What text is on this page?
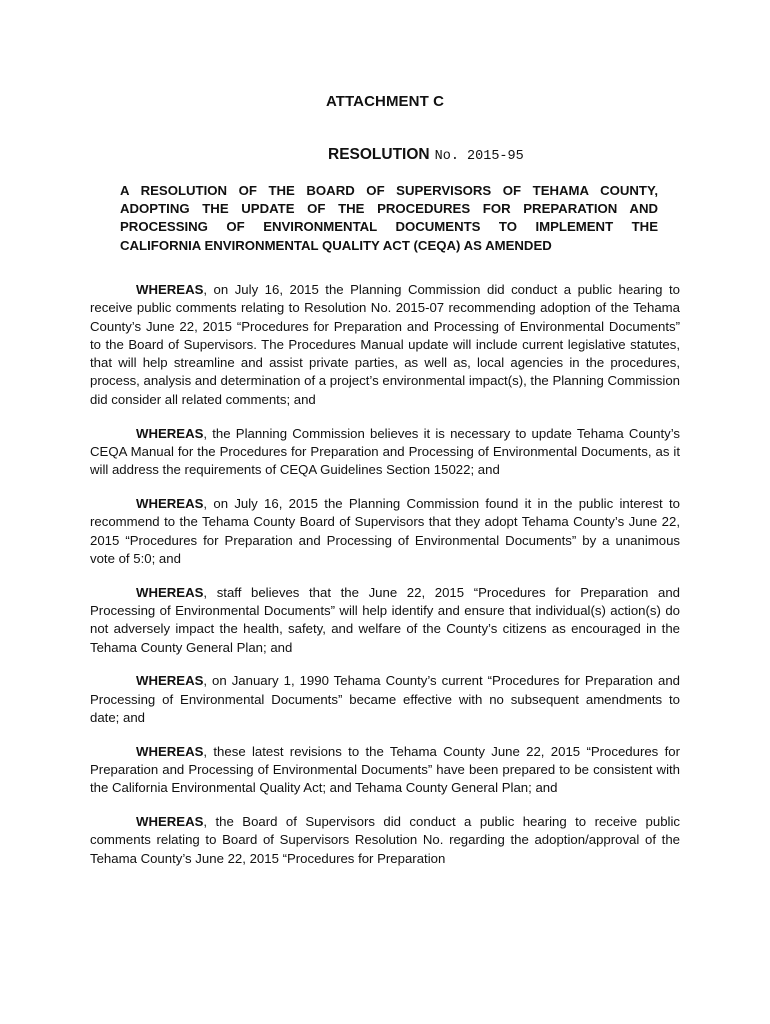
ATTACHMENT C
RESOLUTION No. 2015-95
A RESOLUTION OF THE BOARD OF SUPERVISORS OF TEHAMA COUNTY,
ADOPTING THE UPDATE OF THE PROCEDURES FOR PREPARATION AND
PROCESSING OF ENVIRONMENTAL DOCUMENTS TO IMPLEMENT THE
CALIFORNIA ENVIRONMENTAL QUALITY ACT (CEQA) AS AMENDED

WHEREAS, on July 16, 2015 the Planning Commission did conduct a public hearing to receive public comments relating to Resolution No. 2015-07 recommending adoption of the Tehama County’s June 22, 2015 “Procedures for Preparation and Processing of Environmental Documents” to the Board of Supervisors. The Procedures Manual update will include current legislative statutes, that will help streamline and assist private parties, as well as, local agencies in the procedures, process, analysis and determination of a project’s environmental impact(s), the Planning Commission did consider all related comments; and

WHEREAS, the Planning Commission believes it is necessary to update Tehama County’s CEQA Manual for the Procedures for Preparation and Processing of Environmental Documents, as it will address the requirements of CEQA Guidelines Section 15022; and

WHEREAS, on July 16, 2015 the Planning Commission found it in the public interest to recommend to the Tehama County Board of Supervisors that they adopt Tehama County’s June 22, 2015 “Procedures for Preparation and Processing of Environmental Documents” by a unanimous vote of 5:0; and

WHEREAS, staff believes that the June 22, 2015 “Procedures for Preparation and Processing of Environmental Documents” will help identify and ensure that individual(s) action(s) do not adversely impact the health, safety, and welfare of the County’s citizens as encouraged in the Tehama County General Plan; and

WHEREAS, on January 1, 1990 Tehama County’s current “Procedures for Preparation and Processing of Environmental Documents” became effective with no subsequent amendments to date; and

WHEREAS, these latest revisions to the Tehama County June 22, 2015 “Procedures for Preparation and Processing of Environmental Documents” have been prepared to be consistent with the California Environmental Quality Act; and Tehama County General Plan; and

WHEREAS, the Board of Supervisors did conduct a public hearing to receive public comments relating to Board of Supervisors Resolution No. regarding the adoption/approval of the Tehama County’s June 22, 2015 “Procedures for Preparation
